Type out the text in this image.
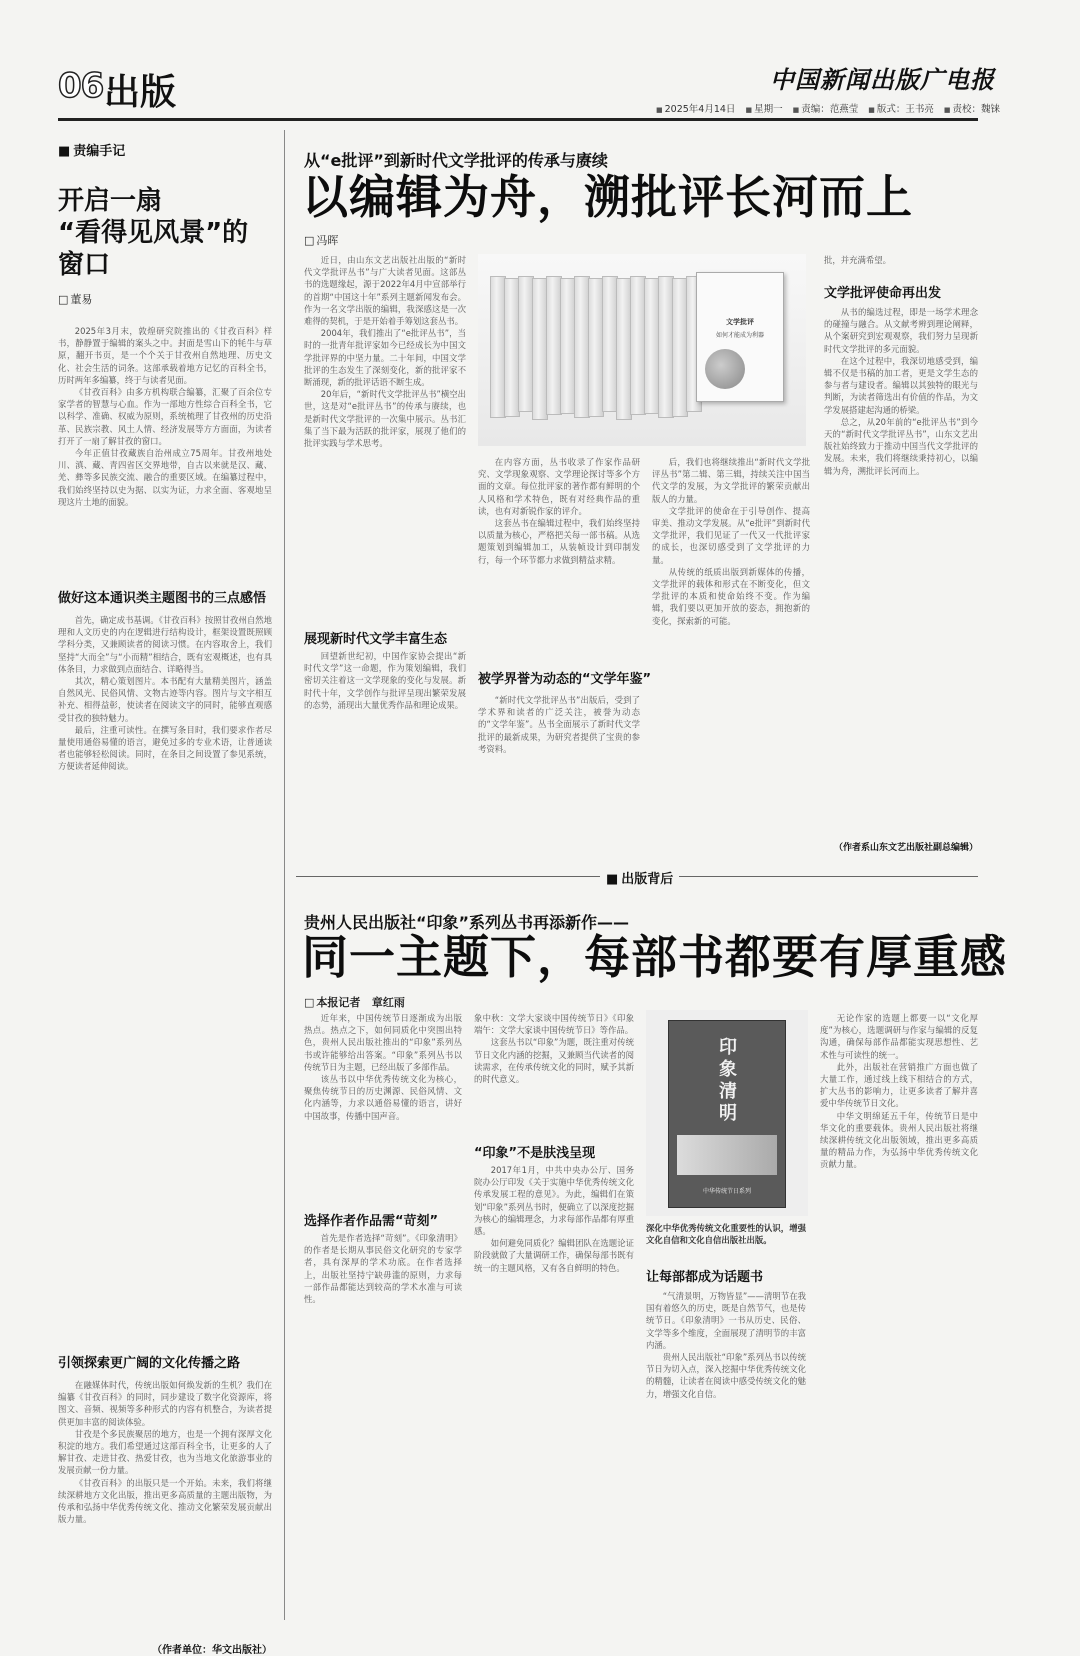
06 出版	中国新闻出版广电报
■ 2025年4月14日 ■ 星期一 ■ 责编：范燕莹 ■ 版式：王书亮 ■ 责校：魏铼
■ 责编手记
开启一扇
“看得见风景”的窗口
□ 董易

2025年3月末，敦煌研究院推出的《甘孜百科》样书，静静置于编辑的案头之中。封面是雪山下的牦牛与草原，翻开书页，是一个个关于甘孜州自然地理、历史文化、社会生活的词条。这部承载着地方记忆的百科全书，历时两年多编纂，终于与读者见面。

《甘孜百科》由多方机构联合编纂，汇聚了百余位专家学者的智慧与心血。作为一部地方性综合百科全书，它以科学、准确、权威为原则，系统梳理了甘孜州的历史沿革、民族宗教、风土人情、经济发展等方方面面，为读者打开了一扇了解甘孜的窗口。

今年正值甘孜藏族自治州成立75周年。甘孜州地处川、滇、藏、青四省区交界地带，自古以来就是汉、藏、羌、彝等多民族交流、融合的重要区域。在编纂过程中，我们始终坚持以史为据、以实为证，力求全面、客观地呈现这片土地的面貌。

做好这本通识类主题图书的三点感悟

首先，确定成书基调。《甘孜百科》按照甘孜州自然地理和人文历史的内在逻辑进行结构设计，框架设置既照顾学科分类，又兼顾读者的阅读习惯。在内容取舍上，我们坚持“大而全”与“小而精”相结合，既有宏观概述，也有具体条目，力求做到点面结合、详略得当。

其次，精心策划图片。本书配有大量精美图片，涵盖自然风光、民俗风情、文物古迹等内容。图片与文字相互补充、相得益彰，使读者在阅读文字的同时，能够直观感受甘孜的独特魅力。

最后，注重可读性。在撰写条目时，我们要求作者尽量使用通俗易懂的语言，避免过多的专业术语，让普通读者也能够轻松阅读。同时，在条目之间设置了参见系统，方便读者延伸阅读。

引领探索更广阔的文化传播之路

在融媒体时代，传统出版如何焕发新的生机？我们在编纂《甘孜百科》的同时，同步建设了数字化资源库，将图文、音频、视频等多种形式的内容有机整合，为读者提供更加丰富的阅读体验。

甘孜是个多民族聚居的地方，也是一个拥有深厚文化积淀的地方。我们希望通过这部百科全书，让更多的人了解甘孜、走进甘孜、热爱甘孜，也为当地文化旅游事业的发展贡献一份力量。

《甘孜百科》的出版只是一个开始。未来，我们将继续深耕地方文化出版，推出更多高质量的主题出版物，为传承和弘扬中华优秀传统文化、推动文化繁荣发展贡献出版力量。

（作者单位：华文出版社）
从“e批评”到新时代文学批评的传承与赓续
以编辑为舟，溯批评长河而上
□ 冯晖

近日，由山东文艺出版社出版的“新时代文学批评丛书”与广大读者见面。这部丛书的选题缘起，源于2022年4月中宣部举行的首期“中国这十年”系列主题新闻发布会。作为一名文学出版的编辑，我深感这是一次难得的契机，于是开始着手筹划这套丛书。

2004年，我们推出了“e批评丛书”，当时的一批青年批评家如今已经成长为中国文学批评界的中坚力量。二十年间，中国文学批评的生态发生了深刻变化，新的批评家不断涌现，新的批评话语不断生成。

20年后，“新时代文学批评丛书”横空出世，这是对“e批评丛书”的传承与赓续，也是新时代文学批评的一次集中展示。丛书汇集了当下最为活跃的批评家，展现了他们的批评实践与学术思考。

文学批评
如何才能成为利器
展现新时代文学丰富生态

回望新世纪初，中国作家协会提出“新时代文学”这一命题，作为策划编辑，我们密切关注着这一文学现象的变化与发展。新时代十年，文学创作与批评呈现出繁荣发展的态势，涌现出大量优秀作品和理论成果。

在内容方面，丛书收录了作家作品研究、文学现象观察、文学理论探讨等多个方面的文章。每位批评家的著作都有鲜明的个人风格和学术特色，既有对经典作品的重读，也有对新锐作家的评介。

这套丛书在编辑过程中，我们始终坚持以质量为核心，严格把关每一部书稿。从选题策划到编辑加工，从装帧设计到印制发行，每一个环节都力求做到精益求精。

被学界誉为动态的“文学年鉴”

“新时代文学批评丛书”出版后，受到了学术界和读者的广泛关注，被誉为动态的“文学年鉴”。丛书全面展示了新时代文学批评的最新成果，为研究者提供了宝贵的参考资料。

后，我们也将继续推出“新时代文学批评丛书”第二辑、第三辑，持续关注中国当代文学的发展，为文学批评的繁荣贡献出版人的力量。

文学批评的使命在于引导创作、提高审美、推动文学发展。从“e批评”到新时代文学批评，我们见证了一代又一代批评家的成长，也深切感受到了文学批评的力量。

从传统的纸质出版到新媒体的传播，文学批评的载体和形式在不断变化，但文学批评的本质和使命始终不变。作为编辑，我们要以更加开放的姿态，拥抱新的变化，探索新的可能。

批，并充满希望。

文学批评使命再出发

从书的编选过程，即是一场学术理念的碰撞与融合。从文献考辨到理论阐释，从个案研究到宏观观察，我们努力呈现新时代文学批评的多元面貌。

在这个过程中，我深切地感受到，编辑不仅是书稿的加工者，更是文学生态的参与者与建设者。编辑以其独特的眼光与判断，为读者筛选出有价值的作品，为文学发展搭建起沟通的桥梁。

总之，从20年前的“e批评丛书”到今天的“新时代文学批评丛书”，山东文艺出版社始终致力于推动中国当代文学批评的发展。未来，我们将继续秉持初心，以编辑为舟，溯批评长河而上。

（作者系山东文艺出版社副总编辑）
■ 出版背后
贵州人民出版社“印象”系列丛书再添新作——
同一主题下，每部书都要有厚重感
□ 本报记者 章红雨

近年来，中国传统节日逐渐成为出版热点。热点之下，如何同质化中突围出特色，贵州人民出版社推出的“印象”系列丛书或许能够给出答案。“印象”系列丛书以传统节日为主题，已经出版了多部作品。

该丛书以中华优秀传统文化为核心，聚焦传统节日的历史渊源、民俗风情、文化内涵等，力求以通俗易懂的语言，讲好中国故事，传播中国声音。

选择作者作品需“苛刻”

首先是作者选择“苛刻”。《印象清明》的作者是长期从事民俗文化研究的专家学者，具有深厚的学术功底。在作者选择上，出版社坚持宁缺毋滥的原则，力求每一部作品都能达到较高的学术水准与可读性。

象中秋：文学大家谈中国传统节日》《印象端午：文学大家谈中国传统节日》等作品。

这套丛书以“印象”为题，既注重对传统节日文化内涵的挖掘，又兼顾当代读者的阅读需求，在传承传统文化的同时，赋予其新的时代意义。

“印象”不是肤浅呈现

2017年1月，中共中央办公厅、国务院办公厅印发《关于实施中华优秀传统文化传承发展工程的意见》。为此，编辑们在策划“印象”系列丛书时，便确立了以深度挖掘为核心的编辑理念，力求每部作品都有厚重感。

如何避免同质化？编辑团队在选题论证阶段就做了大量调研工作，确保每部书既有统一的主题风格，又有各自鲜明的特色。

印象清明
中华传统节日系列

深化中华优秀传统文化重要性的认识，增强文化自信和文化自信出版社出版。

让每部都成为话题书

“气清景明，万物皆显”——清明节在我国有着悠久的历史，既是自然节气，也是传统节日。《印象清明》一书从历史、民俗、文学等多个维度，全面展现了清明节的丰富内涵。

贵州人民出版社“印象”系列丛书以传统节日为切入点，深入挖掘中华优秀传统文化的精髓，让读者在阅读中感受传统文化的魅力，增强文化自信。

无论作家的选题上都要一以“文化厚度”为核心，选题调研与作家与编辑的反复沟通，确保每部作品都能实现思想性、艺术性与可读性的统一。

此外，出版社在营销推广方面也做了大量工作，通过线上线下相结合的方式，扩大丛书的影响力，让更多读者了解并喜爱中华传统节日文化。

中华文明绵延五千年，传统节日是中华文化的重要载体。贵州人民出版社将继续深耕传统文化出版领域，推出更多高质量的精品力作，为弘扬中华优秀传统文化贡献力量。
